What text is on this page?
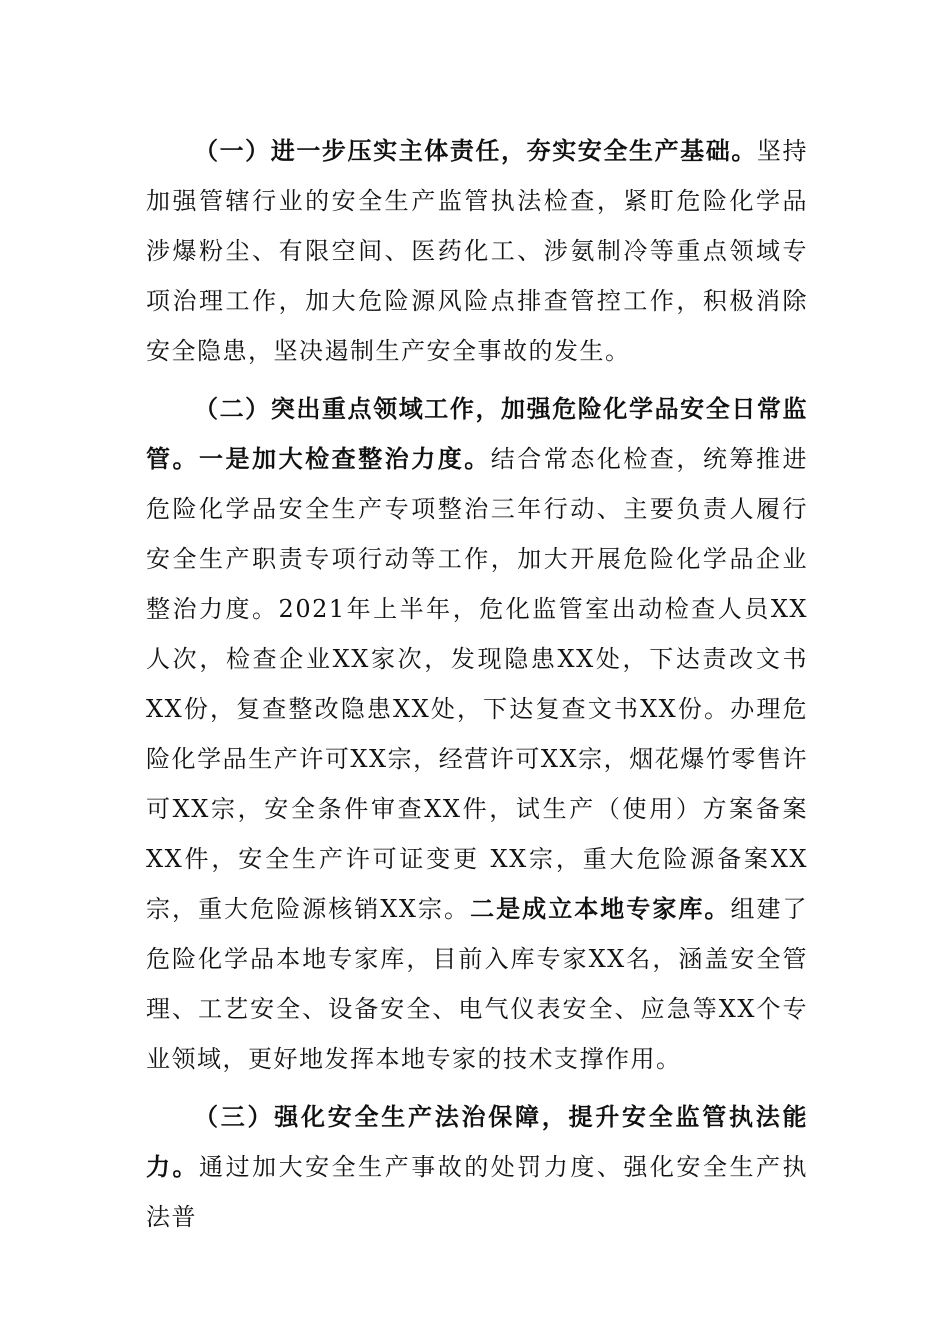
（一）进一步压实主体责任，夯实安全生产基础。坚持加强管辖行业的安全生产监管执法检查，紧盯危险化学品涉爆粉尘、有限空间、医药化工、涉氨制冷等重点领域专项治理工作，加大危险源风险点排查管控工作，积极消除安全隐患，坚决遏制生产安全事故的发生。

（二）突出重点领域工作，加强危险化学品安全日常监管。一是加大检查整治力度。结合常态化检查，统筹推进危险化学品安全生产专项整治三年行动、主要负责人履行安全生产职责专项行动等工作，加大开展危险化学品企业整治力度。2021年上半年，危化监管室出动检查人员XX人次，检查企业XX家次，发现隐患XX处，下达责改文书XX份，复查整改隐患XX处，下达复查文书XX份。办理危险化学品生产许可XX宗，经营许可XX宗，烟花爆竹零售许可XX宗，安全条件审查XX件，试生产（使用）方案备案XX件，安全生产许可证变更 XX宗，重大危险源备案XX宗，重大危险源核销XX宗。二是成立本地专家库。组建了危险化学品本地专家库，目前入库专家XX名，涵盖安全管理、工艺安全、设备安全、电气仪表安全、应急等XX个专业领域，更好地发挥本地专家的技术支撑作用。

（三）强化安全生产法治保障，提升安全监管执法能力。通过加大安全生产事故的处罚力度、强化安全生产执法普
